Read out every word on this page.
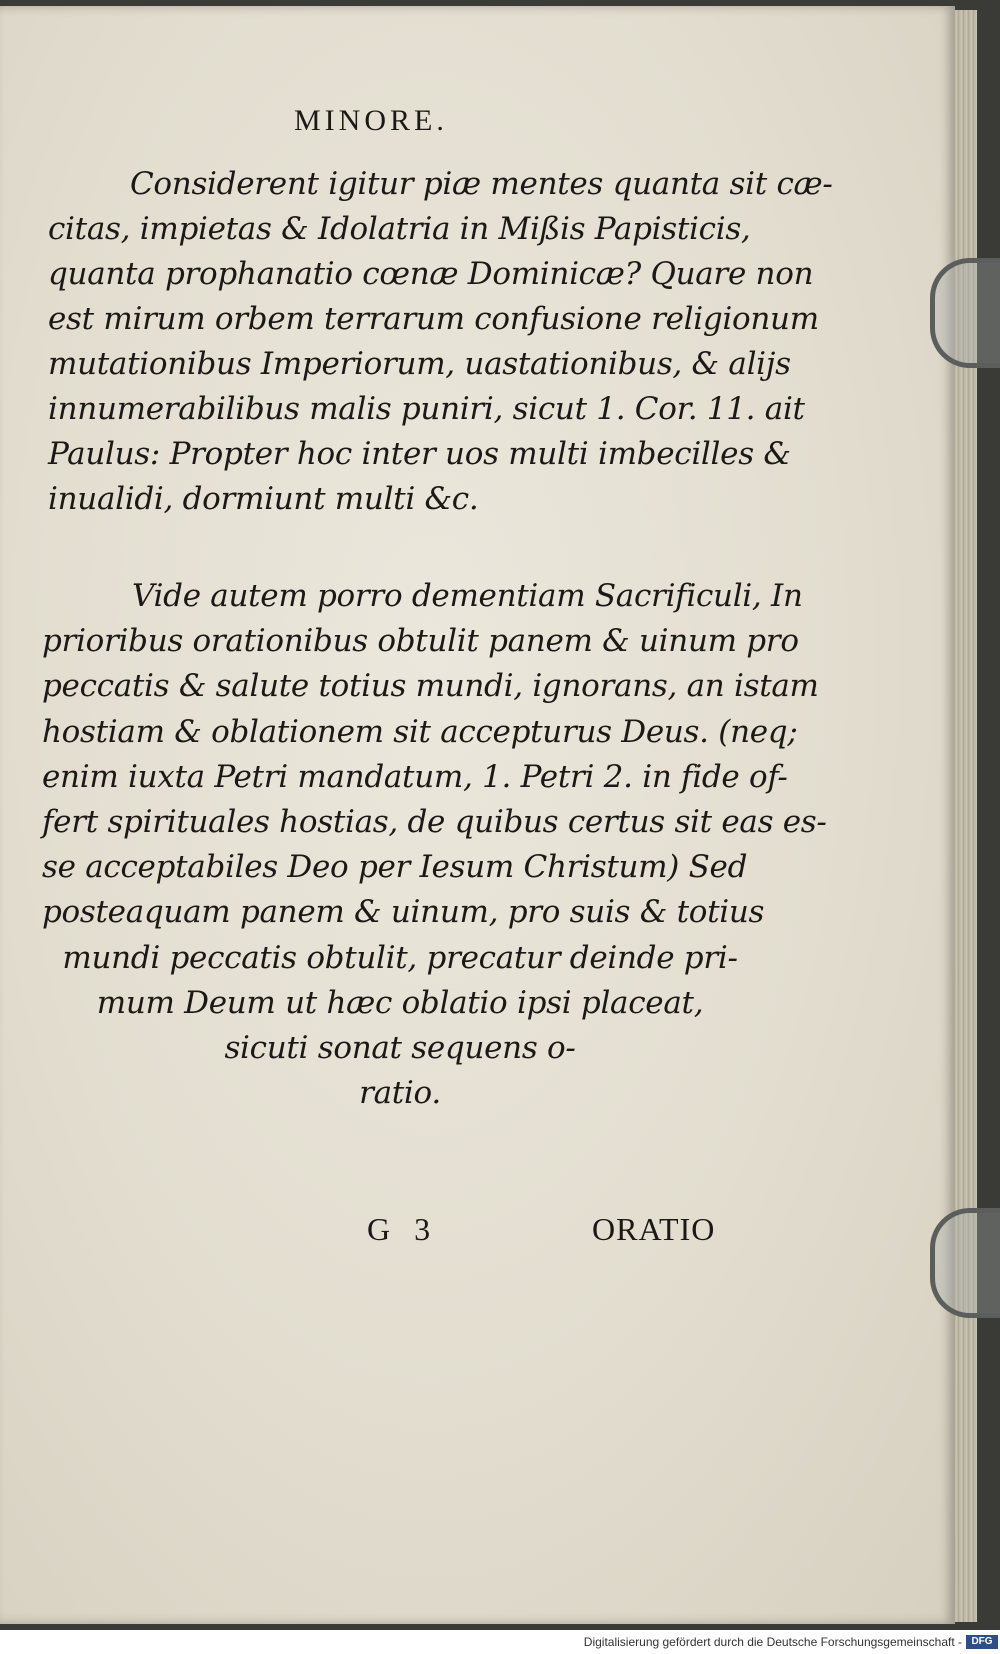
MINORE.
Considerent igitur piæ mentes quanta sit cæ-
citas, impietas & Idolatria in Mißis Papisticis,
quanta prophanatio cœnæ Dominicæ? Quare non
est mirum orbem terrarum confusione religionum
mutationibus Imperiorum, uastationibus, & alijs
innumerabilibus malis puniri, sicut 1. Cor. 11. ait
Paulus: Propter hoc inter uos multi imbecilles &
inualidi, dormiunt multi &c.
Vide autem porro dementiam Sacrificuli, In
prioribus orationibus obtulit panem & uinum pro
peccatis & salute totius mundi, ignorans, an istam
hostiam & oblationem sit accepturus Deus. (neq;
enim iuxta Petri mandatum, 1. Petri 2. in fide of-
fert spirituales hostias, de quibus certus sit eas es-
se acceptabiles Deo per Iesum Christum) Sed
posteaquam panem & uinum, pro suis & totius
mundi peccatis obtulit, precatur deinde pri-
mum Deum ut hæc oblatio ipsi placeat,
sicuti sonat sequens o-
ratio.
G 3	ORATIO
Digitalisierung gefördert durch die Deutsche Forschungsgemeinschaft - DFG
